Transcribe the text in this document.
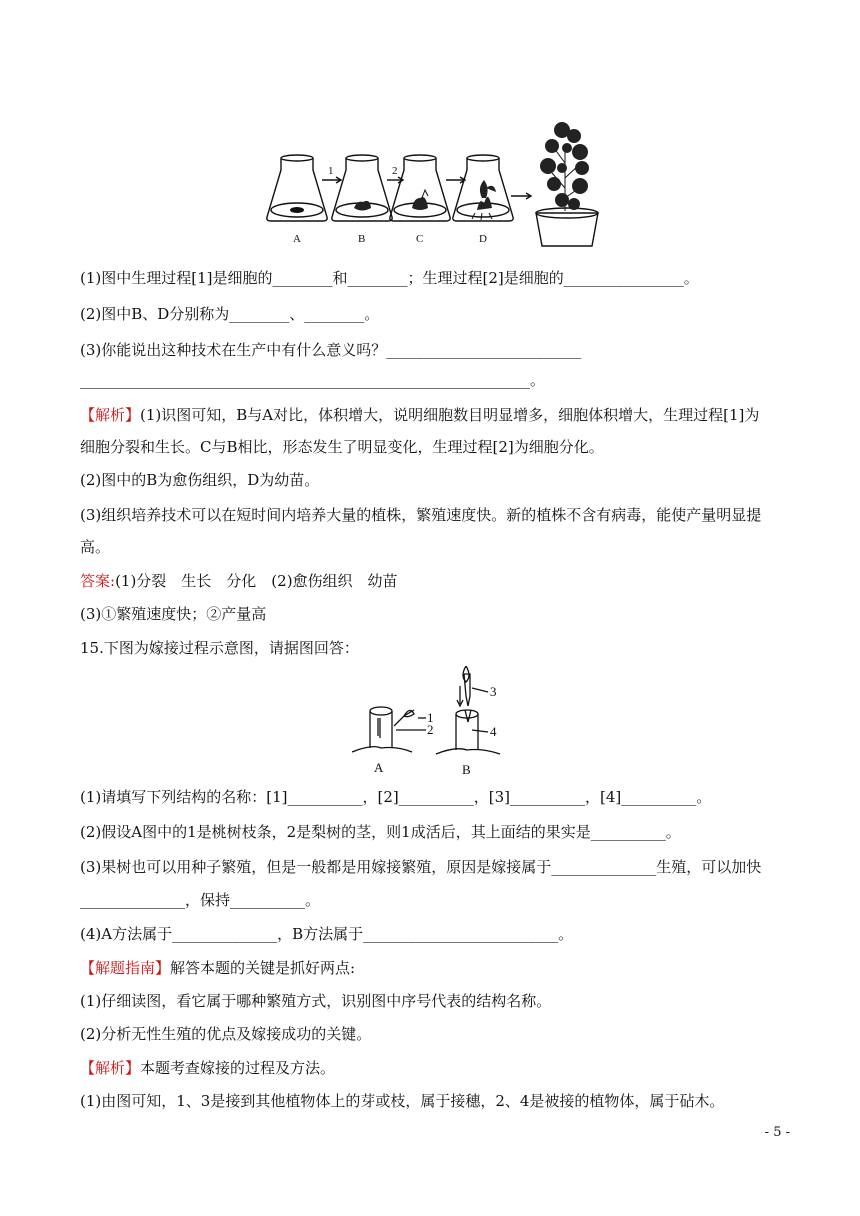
A	B	C	D
1	2
(1)图中生理过程[1]是细胞的________和________；生理过程[2]是细胞的________________。
(2)图中B、D分别称为________、________。
(3)你能说出这种技术在生产中有什么意义吗？__________________________
____________________________________________________________。
【解析】(1)识图可知，B与A对比，体积增大，说明细胞数目明显增多，细胞体积增大，生理过程[1]为
细胞分裂和生长。C与B相比，形态发生了明显变化，生理过程[2]为细胞分化。
(2)图中的B为愈伤组织，D为幼苗。
(3)组织培养技术可以在短时间内培养大量的植株，繁殖速度快。新的植株不含有病毒，能使产量明显提
高。
答案:(1)分裂　生长　分化　(2)愈伤组织　幼苗
(3)①繁殖速度快；②产量高
15.下图为嫁接过程示意图，请据图回答：
1
2
3
4
A	B
(1)请填写下列结构的名称：[1]__________，[2]__________，[3]__________，[4]__________。
(2)假设A图中的1是桃树枝条，2是梨树的茎，则1成活后，其上面结的果实是__________。
(3)果树也可以用种子繁殖，但是一般都是用嫁接繁殖，原因是嫁接属于______________生殖，可以加快
______________，保持__________。
(4)A方法属于______________，B方法属于__________________________。
【解题指南】解答本题的关键是抓好两点:
(1)仔细读图，看它属于哪种繁殖方式，识别图中序号代表的结构名称。
(2)分析无性生殖的优点及嫁接成功的关键。
【解析】本题考查嫁接的过程及方法。
(1)由图可知，1、3是接到其他植物体上的芽或枝，属于接穗，2、4是被接的植物体，属于砧木。
- 5 -
